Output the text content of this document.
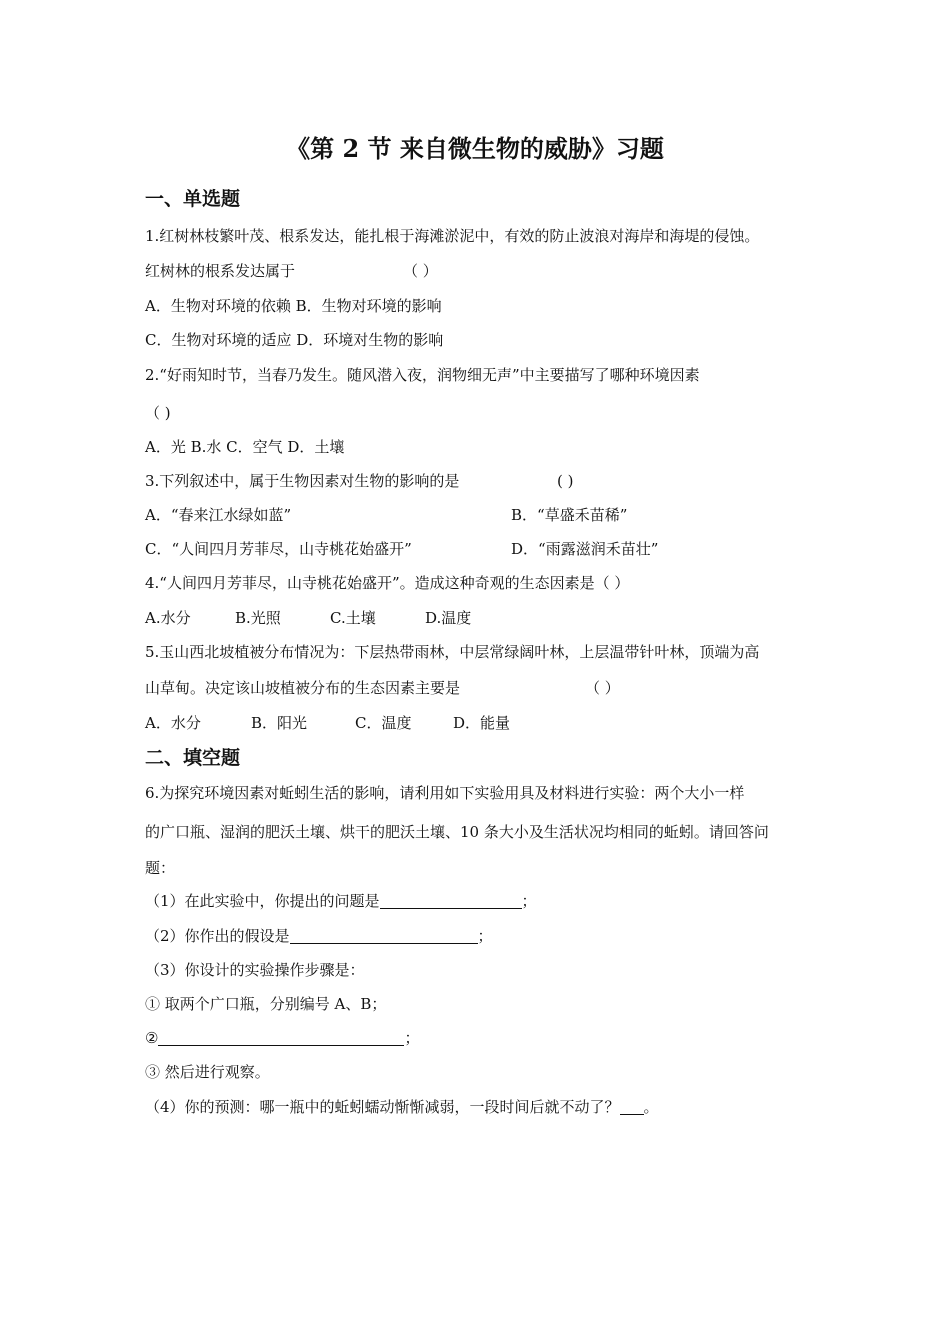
《第 2 节 来自微生物的威胁》习题
一、单选题
1.红树林枝繁叶茂、根系发达，能扎根于海滩淤泥中，有效的防止波浪对海岸和海堤的侵蚀。
红树林的根系发达属于	（ ）
A．生物对环境的依赖 B．生物对环境的影响
C．生物对环境的适应 D．环境对生物的影响
2.“好雨知时节，当春乃发生。随风潜入夜，润物细无声”中主要描写了哪种环境因素
（ )
A．光 B.水 C．空气 D．土壤
3.下列叙述中，属于生物因素对生物的影响的是	( )
A．“春来江水绿如蓝”	B．“草盛禾苗稀”
C．“人间四月芳菲尽，山寺桃花始盛开”	D．“雨露滋润禾苗壮”
4.“人间四月芳菲尽，山寺桃花始盛开”。造成这种奇观的生态因素是（ ）
A.水分	B.光照	C.土壤	D.温度
5.玉山西北坡植被分布情况为：下层热带雨林，中层常绿阔叶林，上层温带针叶林，顶端为高
山草甸。决定该山坡植被分布的生态因素主要是	（ ）
A．水分	B．阳光	C．温度	D．能量
二、填空题
6.为探究环境因素对蚯蚓生活的影响，请利用如下实验用具及材料进行实验：两个大小一样
的广口瓶、湿润的肥沃土壤、烘干的肥沃土壤、10 条大小及生活状况均相同的蚯蚓。请回答问
题：
（1）在此实验中，你提出的问题是	；
（2）你作出的假设是	；
（3）你设计的实验操作步骤是：
① 取两个广口瓶，分别编号 A、B；
②	；
③ 然后进行观察。
（4）你的预测：哪一瓶中的蚯蚓蠕动惭惭减弱，一段时间后就不动了？ 。
